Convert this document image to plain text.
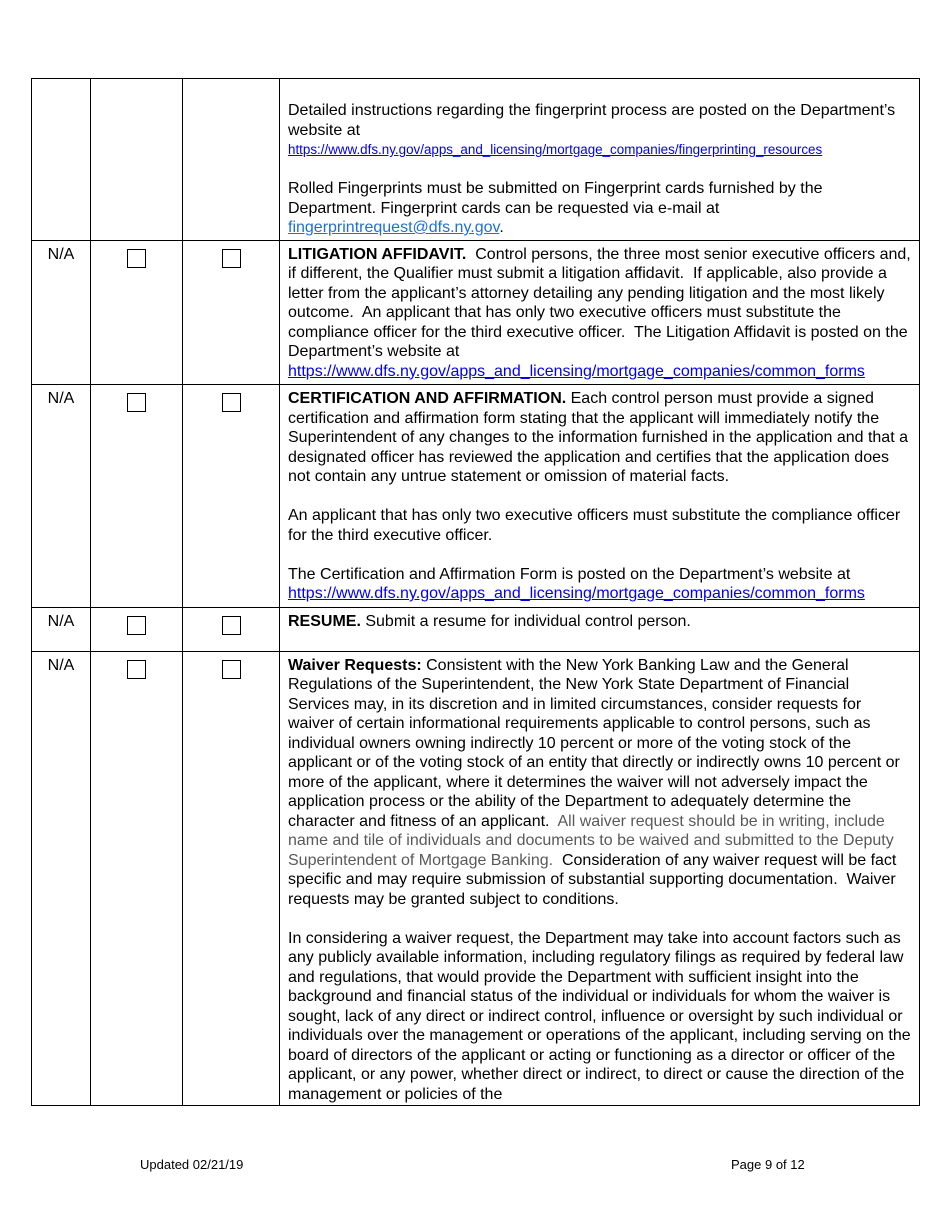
			Detailed instructions regarding the fingerprint process are posted on the Department’s website at
https://www.dfs.ny.gov/apps_and_licensing/mortgage_companies/fingerprinting_resources

Rolled Fingerprints must be submitted on Fingerprint cards furnished by the Department. Fingerprint cards can be requested via e-mail at fingerprintrequest@dfs.ny.gov.

N/A			LITIGATION AFFIDAVIT.  Control persons, the three most senior executive officers and, if different, the Qualifier must submit a litigation affidavit.  If applicable, also provide a letter from the applicant’s attorney detailing any pending litigation and the most likely outcome.  An applicant that has only two executive officers must substitute the compliance officer for the third executive officer.  The Litigation Affidavit is posted on the Department’s website at https://www.dfs.ny.gov/apps_and_licensing/mortgage_companies/common_forms

N/A			CERTIFICATION AND AFFIRMATION. Each control person must provide a signed certification and affirmation form stating that the applicant will immediately notify the Superintendent of any changes to the information furnished in the application and that a designated officer has reviewed the application and certifies that the application does not contain any untrue statement or omission of material facts.

An applicant that has only two executive officers must substitute the compliance officer for the third executive officer.

The Certification and Affirmation Form is posted on the Department’s website at
https://www.dfs.ny.gov/apps_and_licensing/mortgage_companies/common_forms

N/A			RESUME. Submit a resume for individual control person.

N/A			Waiver Requests: Consistent with the New York Banking Law and the General Regulations of the Superintendent, the New York State Department of Financial Services may, in its discretion and in limited circumstances, consider requests for waiver of certain informational requirements applicable to control persons, such as individual owners owning indirectly 10 percent or more of the voting stock of the applicant or of the voting stock of an entity that directly or indirectly owns 10 percent or more of the applicant, where it determines the waiver will not adversely impact the application process or the ability of the Department to adequately determine the character and fitness of an applicant.  All waiver request should be in writing, include name and tile of individuals and documents to be waived and submitted to the Deputy Superintendent of Mortgage Banking.  Consideration of any waiver request will be fact specific and may require submission of substantial supporting documentation.  Waiver requests may be granted subject to conditions.

In considering a waiver request, the Department may take into account factors such as any publicly available information, including regulatory filings as required by federal law and regulations, that would provide the Department with sufficient insight into the background and financial status of the individual or individuals for whom the waiver is sought, lack of any direct or indirect control, influence or oversight by such individual or individuals over the management or operations of the applicant, including serving on the board of directors of the applicant or acting or functioning as a director or officer of the applicant, or any power, whether direct or indirect, to direct or cause the direction of the management or policies of the

Updated 02/21/19	Page 9 of 12
